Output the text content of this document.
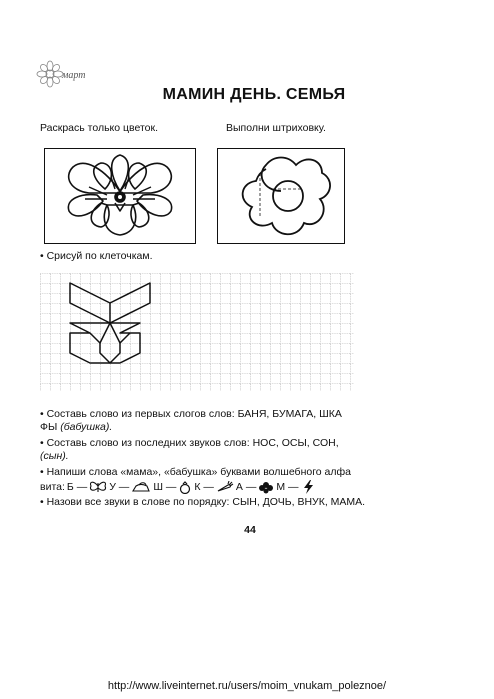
март
МАМИН ДЕНЬ. СЕМЬЯ
Раскрась только цветок.	Выполни штриховку.
• Срисуй по клеточкам.
• Составь слово из первых слогов слов: БАНЯ, БУМАГА, ШКА
ФЫ (бабушка).
• Составь слово из последних звуков слов: НОС, ОСЫ, СОН,
(сын).
• Напиши слова «мама», «бабушка» буквами волшебного алфа
вита: Б — У — Ш — К — А — М —
• Назови все звуки в слове по порядку: СЫН, ДОЧЬ, ВНУК, МАМА.
44
http://www.liveinternet.ru/users/moim_vnukam_poleznoe/
